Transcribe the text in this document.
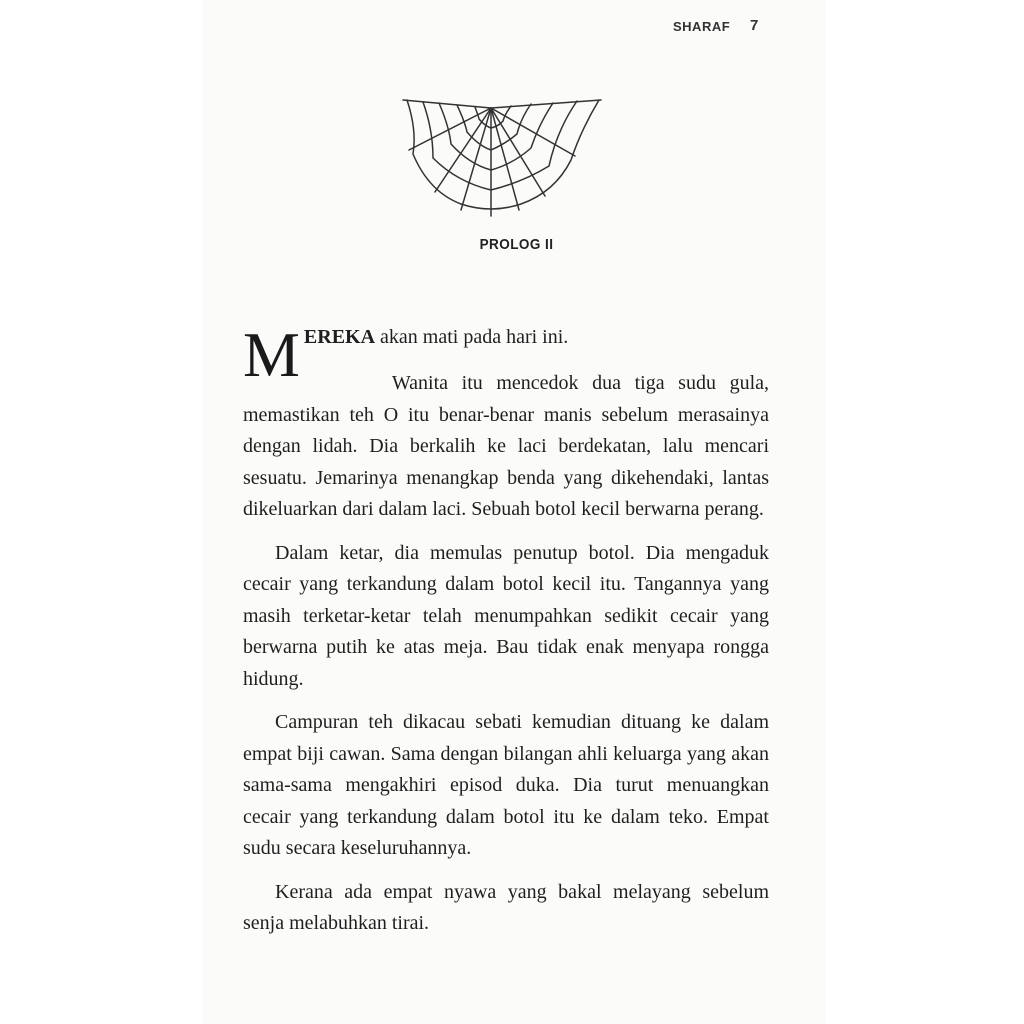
SHARAF 7
PROLOG II

MEREKA akan mati pada hari ini.

Wanita itu mencedok dua tiga sudu gula, memastikan teh O itu benar-benar manis sebelum merasainya dengan lidah. Dia berkalih ke laci berdekatan, lalu mencari sesuatu. Jemarinya menangkap benda yang dikehendaki, lantas dikeluarkan dari dalam laci. Sebuah botol kecil berwarna perang.

Dalam ketar, dia memulas penutup botol. Dia mengaduk cecair yang terkandung dalam botol kecil itu. Tangannya yang masih terketar-ketar telah menumpahkan sedikit cecair yang berwarna putih ke atas meja. Bau tidak enak menyapa rongga hidung.

Campuran teh dikacau sebati kemudian dituang ke dalam empat biji cawan. Sama dengan bilangan ahli keluarga yang akan sama-sama mengakhiri episod duka. Dia turut menuangkan cecair yang terkandung dalam botol itu ke dalam teko. Empat sudu secara keseluruhannya.

Kerana ada empat nyawa yang bakal melayang sebelum senja melabuhkan tirai.
